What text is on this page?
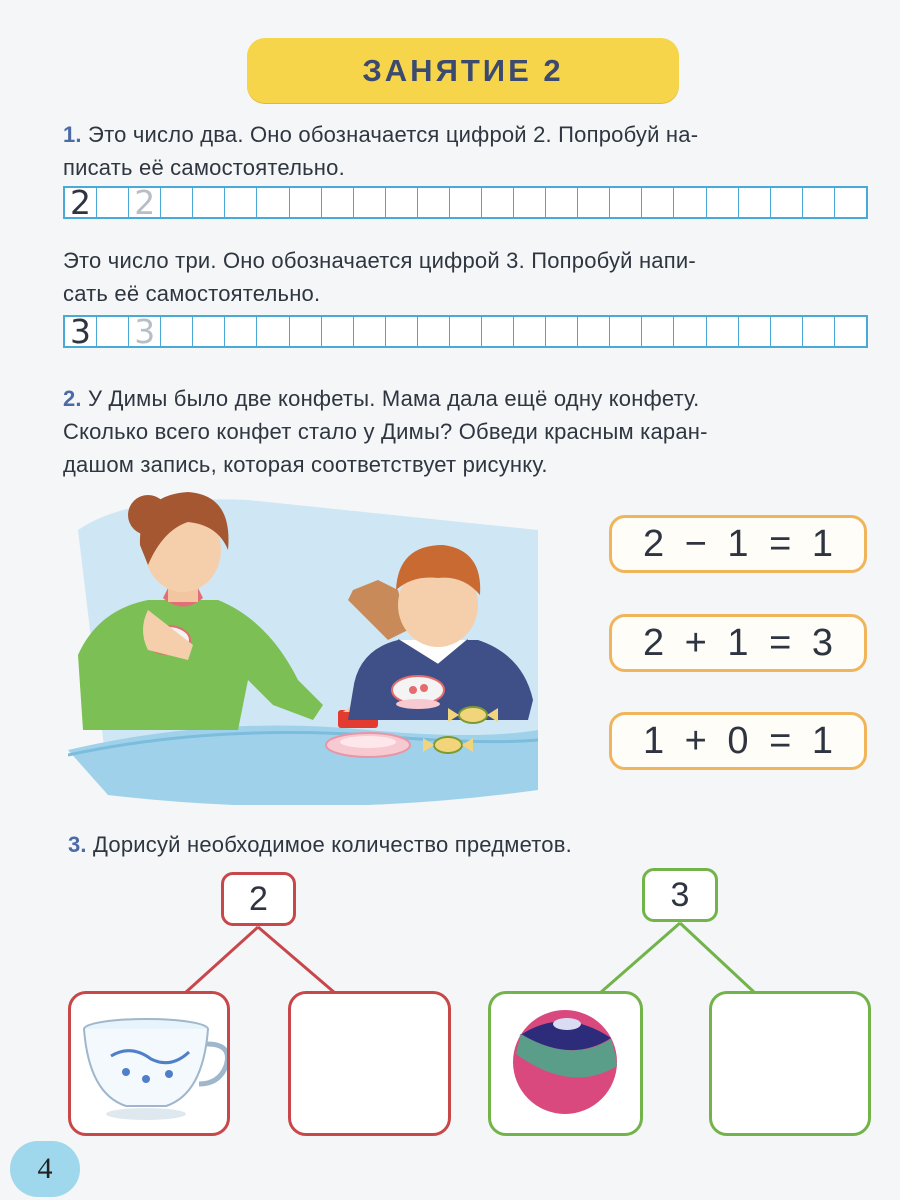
ЗАНЯТИЕ 2
1. Это число два. Оно обозначается цифрой 2. Попробуй на-
писать её самостоятельно.
2 2
Это число три. Оно обозначается цифрой 3. Попробуй напи-
сать её самостоятельно.
3 3
2. У Димы было две конфеты. Мама дала ещё одну конфету.
Сколько всего конфет стало у Димы? Обведи красным каран-
дашом запись, которая соответствует рисунку.
2 − 1 = 1
2 + 1 = 3
1 + 0 = 1
3. Дорисуй необходимое количество предметов.
2	3
4
